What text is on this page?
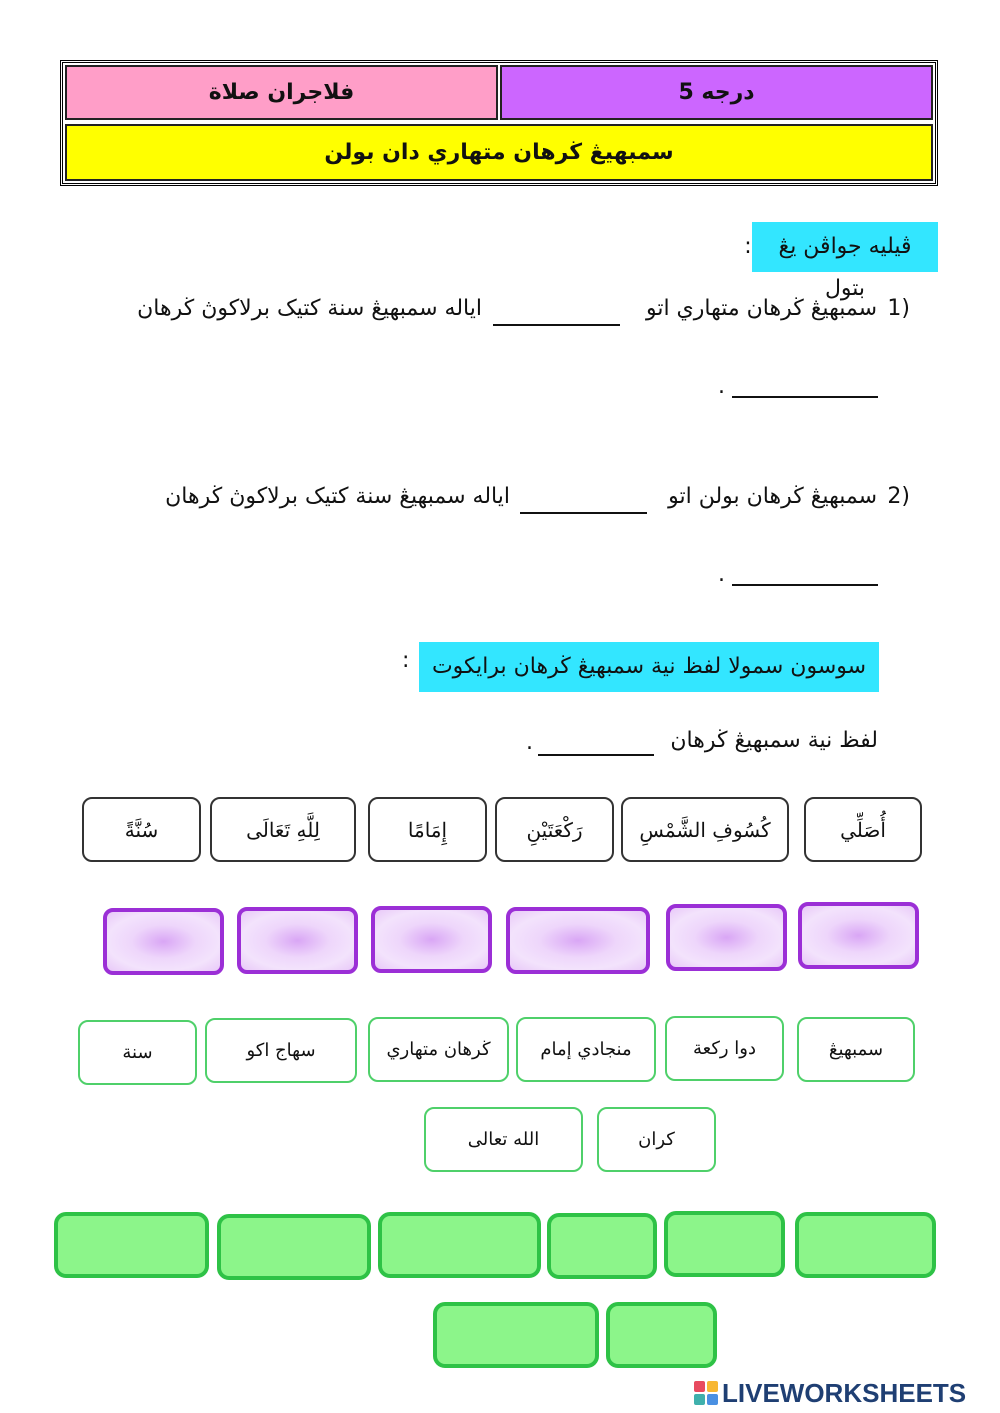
فلاجران صلاة	درجه 5
سمبهيڠ ڬرهان متهاري دان بولن
:	ڤيليه جواڤن يڠ بتول
1)
سمبهيڠ ڬرهان متهاري اتو
اياله سمبهيڠ سنة كتيک برلاكوڽ ڬرهان
.
2)
سمبهيڠ ڬرهان بولن اتو
اياله سمبهيڠ سنة كتيک برلاكوڽ ڬرهان
.
سوسون سمولا لفظ نية سمبهيڠ ڬرهان برايكوت
:
لفظ نية سمبهيڠ ڬرهان
.
أُصَلِّي
كُسُوفِ الشَّمْسِ
رَكْعَتَيْنِ
إِمَامًا
لِلَّهِ تَعَالَى
سُنَّةً
سمبهيڠ
دوا ركعة
منجادي إمام
ڬرهان متهاري
سهاج اكو
سنة
كران
الله تعالى
LIVEWORKSHEETS
